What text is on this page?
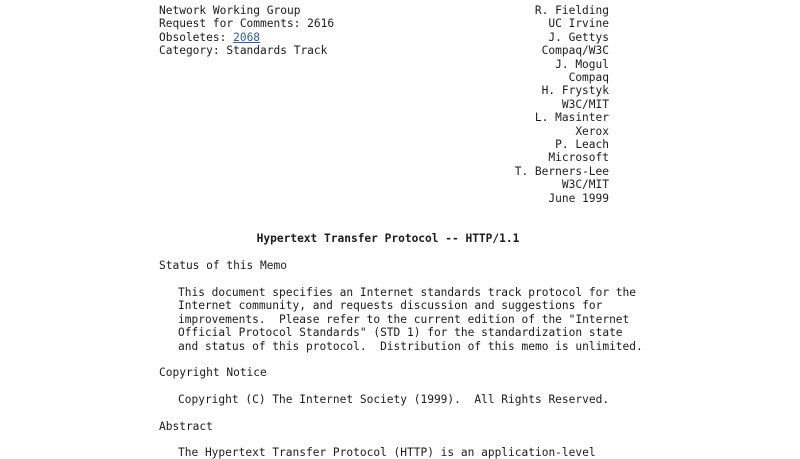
Network Working Group
Request for Comments: 2616
Obsoletes: 2068
Category: Standards Track
R. Fielding
UC Irvine
J. Gettys
Compaq/W3C
J. Mogul
Compaq
H. Frystyk
W3C/MIT
L. Masinter
Xerox
P. Leach
Microsoft
T. Berners-Lee
W3C/MIT
June 1999
Hypertext Transfer Protocol -- HTTP/1.1
Status of this Memo
This document specifies an Internet standards track protocol for the
Internet community, and requests discussion and suggestions for
improvements.  Please refer to the current edition of the "Internet
Official Protocol Standards" (STD 1) for the standardization state
and status of this protocol.  Distribution of this memo is unlimited.
Copyright Notice
Copyright (C) The Internet Society (1999).  All Rights Reserved.
Abstract
The Hypertext Transfer Protocol (HTTP) is an application-level
